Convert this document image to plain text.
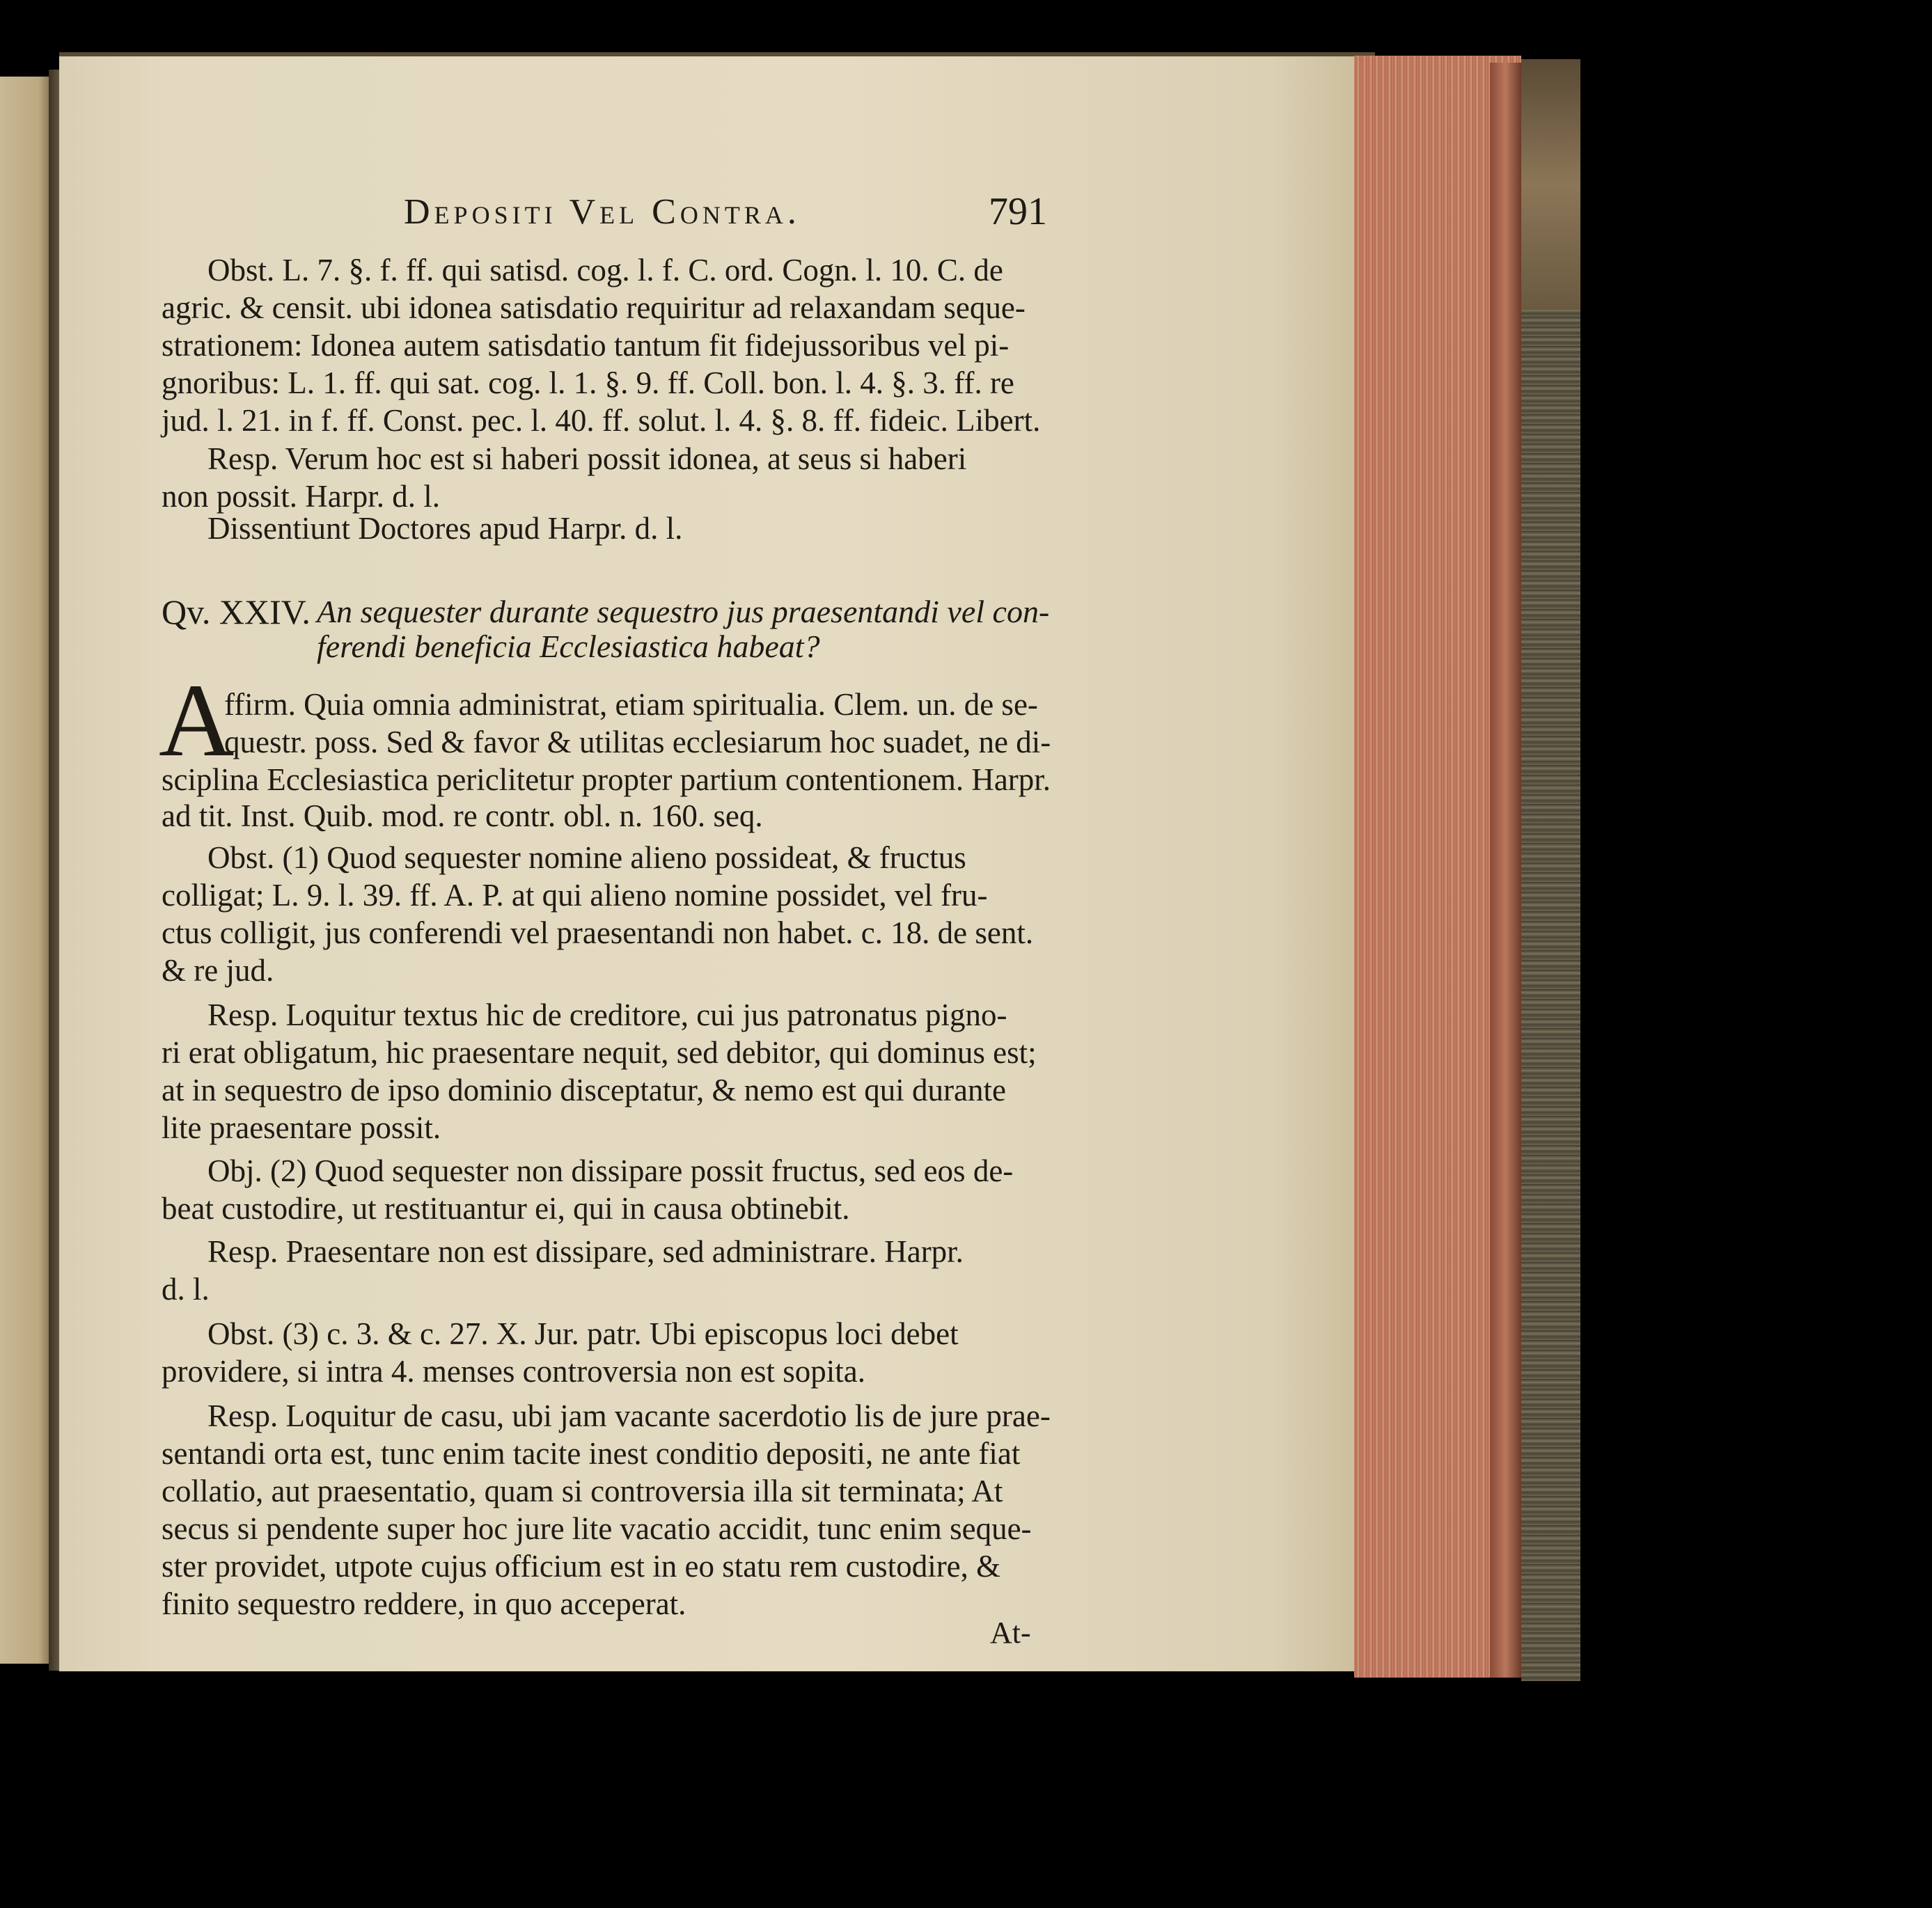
Depositi Vel Contra.	791
Obst. L. 7. §. f. ff. qui satisd. cog. l. f. C. ord. Cogn. l. 10. C. de
agric. & censit. ubi idonea satisdatio requiritur ad relaxandam seque-
strationem: Idonea autem satisdatio tantum fit fidejussoribus vel pi-
gnoribus: L. 1. ff. qui sat. cog. l. 1. §. 9. ff. Coll. bon. l. 4. §. 3. ff. re
jud. l. 21. in f. ff. Const. pec. l. 40. ff. solut. l. 4. §. 8. ff. fideic. Libert.
Resp. Verum hoc est si haberi possit idonea, at seus si haberi
non possit. Harpr. d. l.
Dissentiunt Doctores apud Harpr. d. l.
Qv. XXIV. An sequester durante sequestro jus praesentandi vel con-
ferendi beneficia Ecclesiastica habeat?
A
ffirm. Quia omnia administrat, etiam spiritualia. Clem. un. de se-
questr. poss. Sed & favor & utilitas ecclesiarum hoc suadet, ne di-
sciplina Ecclesiastica periclitetur propter partium contentionem. Harpr.
ad tit. Inst. Quib. mod. re contr. obl. n. 160. seq.
Obst. (1) Quod sequester nomine alieno possideat, & fructus
colligat; L. 9. l. 39. ff. A. P. at qui alieno nomine possidet, vel fru-
ctus colligit, jus conferendi vel praesentandi non habet. c. 18. de sent.
& re jud.
Resp. Loquitur textus hic de creditore, cui jus patronatus pigno-
ri erat obligatum, hic praesentare nequit, sed debitor, qui dominus est;
at in sequestro de ipso dominio disceptatur, & nemo est qui durante
lite praesentare possit.
Obj. (2) Quod sequester non dissipare possit fructus, sed eos de-
beat custodire, ut restituantur ei, qui in causa obtinebit.
Resp. Praesentare non est dissipare, sed administrare. Harpr.
d. l.
Obst. (3) c. 3. & c. 27. X. Jur. patr. Ubi episcopus loci debet
providere, si intra 4. menses controversia non est sopita.
Resp. Loquitur de casu, ubi jam vacante sacerdotio lis de jure prae-
sentandi orta est, tunc enim tacite inest conditio depositi, ne ante fiat
collatio, aut praesentatio, quam si controversia illa sit terminata; At
secus si pendente super hoc jure lite vacatio accidit, tunc enim seque-
ster providet, utpote cujus officium est in eo statu rem custodire, &
finito sequestro reddere, in quo acceperat.
At-
